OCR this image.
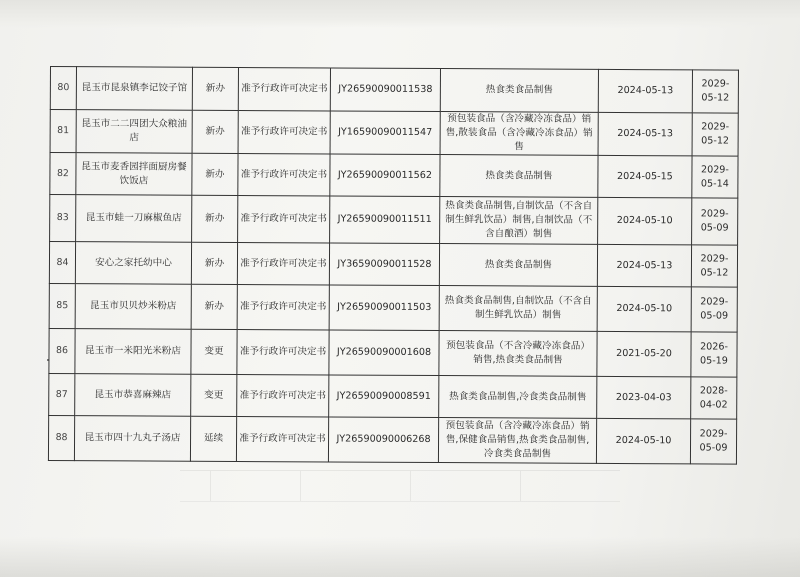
80	昆玉市昆泉镇李记饺子馆	新办	准予行政许可决定书	JY26590090011538	热食类食品制售	2024-05-13	2029-05-12
81	昆玉市二二四团大众粮油店	新办	准予行政许可决定书	JY16590090011547	预包装食品（含冷藏冷冻食品）销售,散装食品（含冷藏冷冻食品）销售	2024-05-13	2029-05-12
82	昆玉市麦香园拌面厨房餐饮饭店	新办	准予行政许可决定书	JY26590090011562	热食类食品制售	2024-05-15	2029-05-14
83	昆玉市蛙一刀麻椒鱼店	新办	准予行政许可决定书	JY26590090011511	热食类食品制售,自制饮品（不含自制生鲜乳饮品）制售,自制饮品（不含自酿酒）制售	2024-05-10	2029-05-09
84	安心之家托幼中心	新办	准予行政许可决定书	JY36590090011528	热食类食品制售	2024-05-13	2029-05-12
85	昆玉市贝贝炒米粉店	新办	准予行政许可决定书	JY26590090011503	热食类食品制售,自制饮品（不含自制生鲜乳饮品）制售	2024-05-10	2029-05-09
86	昆玉市一米阳光米粉店	变更	准予行政许可决定书	JY26590090001608	预包装食品（不含冷藏冷冻食品）销售,热食类食品制售	2021-05-20	2026-05-19
87	昆玉市恭喜麻辣店	变更	准予行政许可决定书	JY26590090008591	热食类食品制售,冷食类食品制售	2023-04-03	2028-04-02
88	昆玉市四十九丸子汤店	延续	准予行政许可决定书	JY26590090006268	预包装食品（含冷藏冷冻食品）销售,保健食品销售,热食类食品制售,冷食类食品制售	2024-05-10	2029-05-09
